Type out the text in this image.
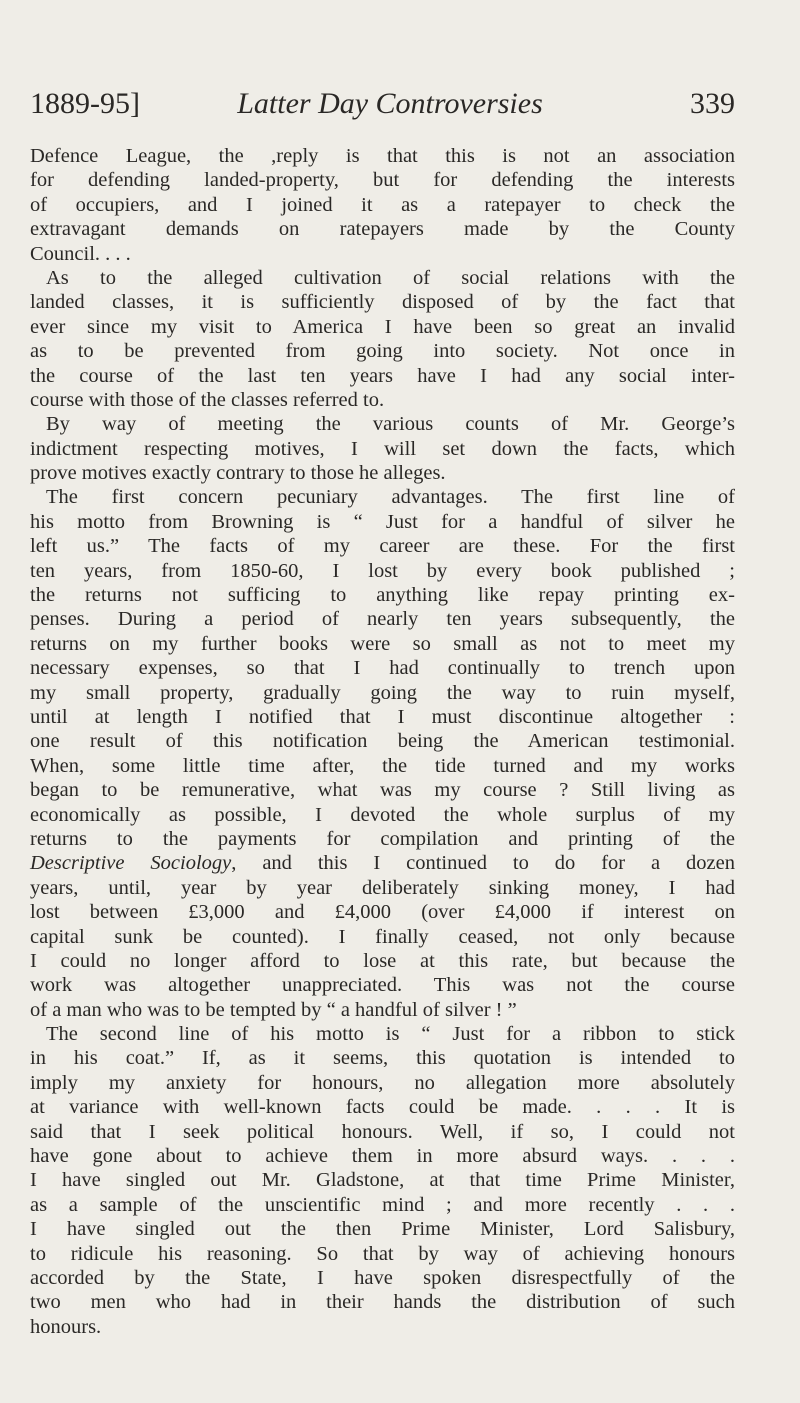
1889-95]	Latter Day Controversies	339
Defence League, the ,reply is that this is not an association
for defending landed-property, but for defending the interests
of occupiers, and I joined it as a ratepayer to check the
extravagant demands on ratepayers made by the County
Council. . . .
As to the alleged cultivation of social relations with the
landed classes, it is sufficiently disposed of by the fact that
ever since my visit to America I have been so great an invalid
as to be prevented from going into society. Not once in
the course of the last ten years have I had any social inter-
course with those of the classes referred to.
By way of meeting the various counts of Mr. George’s
indictment respecting motives, I will set down the facts, which
prove motives exactly contrary to those he alleges.
The first concern pecuniary advantages. The first line of
his motto from Browning is “ Just for a handful of silver he
left us.” The facts of my career are these. For the first
ten years, from 1850-60, I lost by every book published ;
the returns not sufficing to anything like repay printing ex-
penses. During a period of nearly ten years subsequently, the
returns on my further books were so small as not to meet my
necessary expenses, so that I had continually to trench upon
my small property, gradually going the way to ruin myself,
until at length I notified that I must discontinue altogether :
one result of this notification being the American testimonial.
When, some little time after, the tide turned and my works
began to be remunerative, what was my course ? Still living as
economically as possible, I devoted the whole surplus of my
returns to the payments for compilation and printing of the
Descriptive Sociology, and this I continued to do for a dozen
years, until, year by year deliberately sinking money, I had
lost between £3,000 and £4,000 (over £4,000 if interest on
capital sunk be counted). I finally ceased, not only because
I could no longer afford to lose at this rate, but because the
work was altogether unappreciated. This was not the course
of a man who was to be tempted by “ a handful of silver ! ”
The second line of his motto is “ Just for a ribbon to stick
in his coat.” If, as it seems, this quotation is intended to
imply my anxiety for honours, no allegation more absolutely
at variance with well-known facts could be made. . . . It is
said that I seek political honours. Well, if so, I could not
have gone about to achieve them in more absurd ways. . . .
I have singled out Mr. Gladstone, at that time Prime Minister,
as a sample of the unscientific mind ; and more recently . . .
I have singled out the then Prime Minister, Lord Salisbury,
to ridicule his reasoning. So that by way of achieving honours
accorded by the State, I have spoken disrespectfully of the
two men who had in their hands the distribution of such
honours.
